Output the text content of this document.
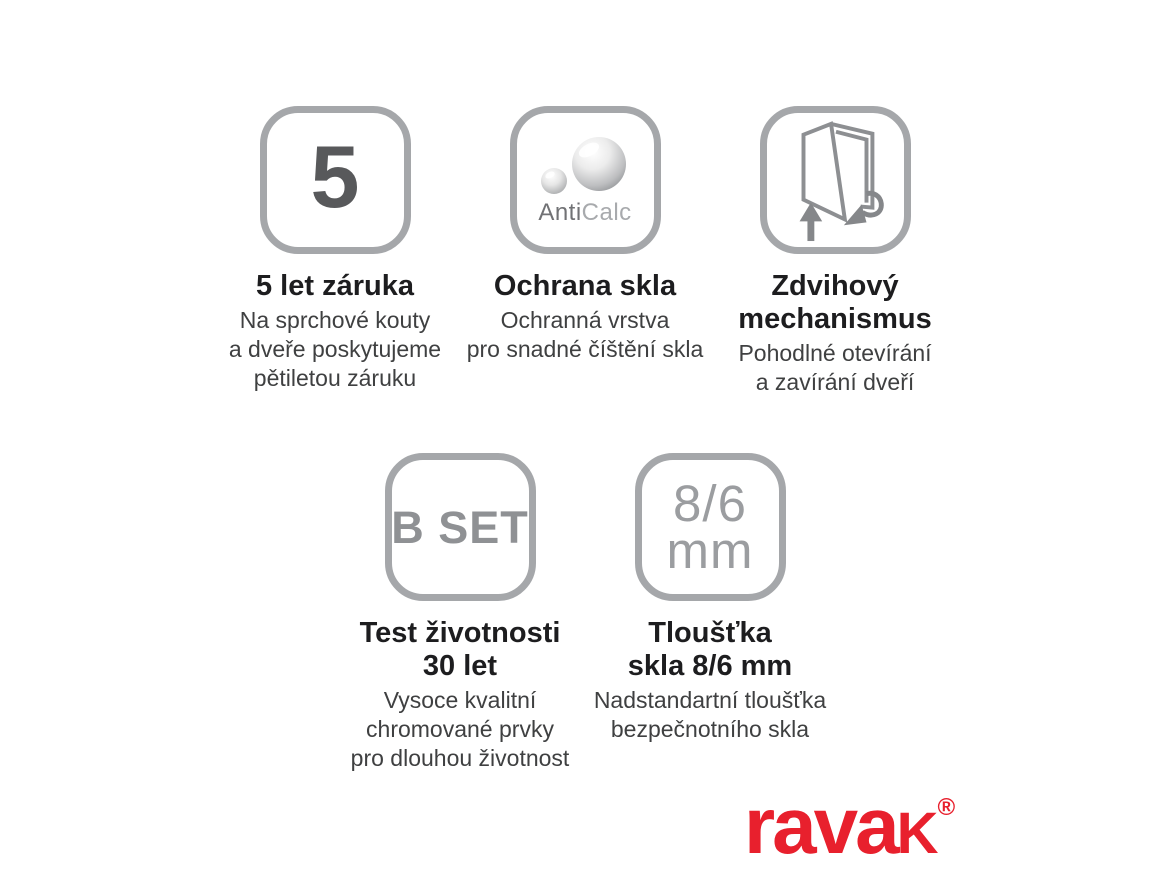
5
5 let záruka
Na sprchové kouty
a dveře poskytujeme
pětiletou záruku
AntiCalc
Ochrana skla
Ochranná vrstva
pro snadné číštění skla
Zdvihový
mechanismus
Pohodlné otevírání
a zavírání dveří
B SET
Test životnosti
30 let
Vysoce kvalitní
chromované prvky
pro dlouhou životnost
8/6
mm
Tloušťka
skla 8/6 mm
Nadstandartní tloušťka
bezpečnotního skla
ravaK®
